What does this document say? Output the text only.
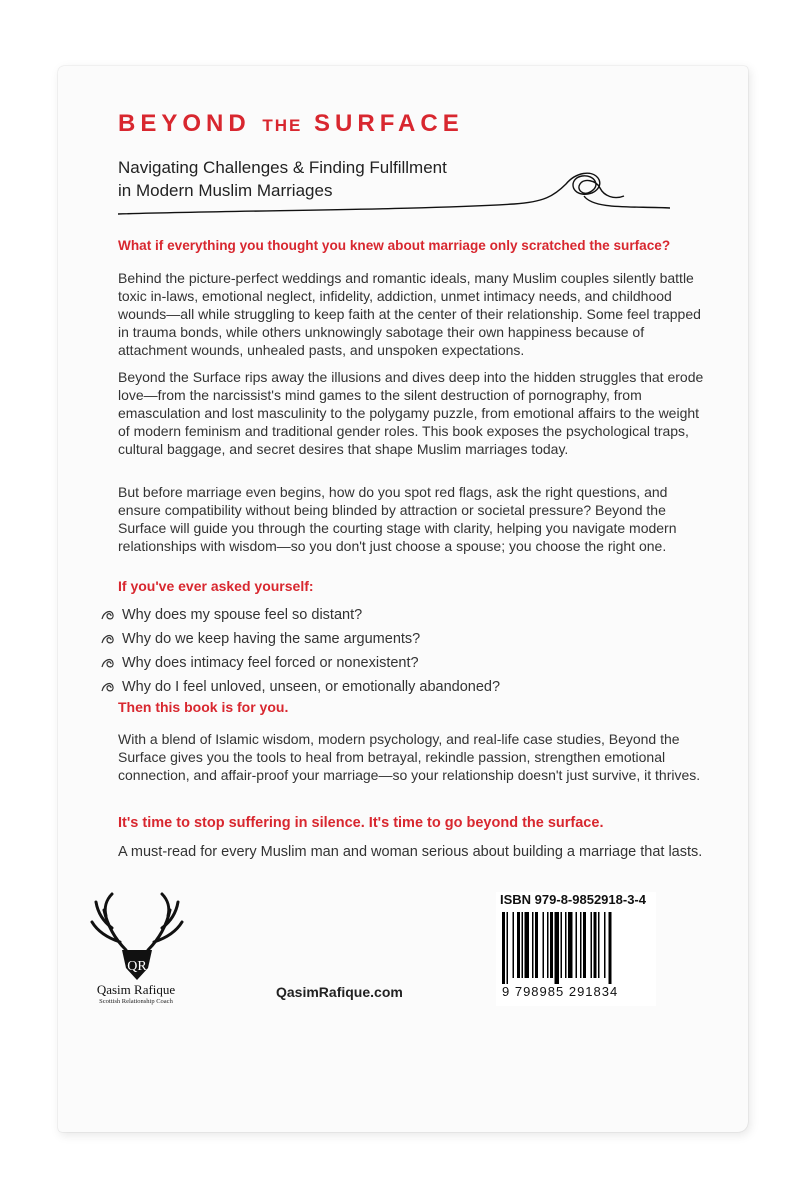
BEYOND THE SURFACE
Navigating Challenges & Finding Fulfillment
in Modern Muslim Marriages
What if everything you thought you knew about marriage only scratched the surface?
Behind the picture-perfect weddings and romantic ideals, many Muslim couples silently battle toxic in-laws, emotional neglect, infidelity, addiction, unmet intimacy needs, and childhood wounds—all while struggling to keep faith at the center of their relationship. Some feel trapped in trauma bonds, while others unknowingly sabotage their own happiness because of attachment wounds, unhealed pasts, and unspoken expectations.
Beyond the Surface rips away the illusions and dives deep into the hidden struggles that erode love—from the narcissist's mind games to the silent destruction of pornography, from emasculation and lost masculinity to the polygamy puzzle, from emotional affairs to the weight of modern feminism and traditional gender roles. This book exposes the psychological traps, cultural baggage, and secret desires that shape Muslim marriages today.
But before marriage even begins, how do you spot red flags, ask the right questions, and ensure compatibility without being blinded by attraction or societal pressure? Beyond the Surface will guide you through the courting stage with clarity, helping you navigate modern relationships with wisdom—so you don't just choose a spouse; you choose the right one.
If you've ever asked yourself:
Why does my spouse feel so distant?
Why do we keep having the same arguments?
Why does intimacy feel forced or nonexistent?
Why do I feel unloved, unseen, or emotionally abandoned?
Then this book is for you.
With a blend of Islamic wisdom, modern psychology, and real-life case studies, Beyond the Surface gives you the tools to heal from betrayal, rekindle passion, strengthen emotional connection, and affair-proof your marriage—so your relationship doesn't just survive, it thrives.
It's time to stop suffering in silence. It's time to go beyond the surface.
A must-read for every Muslim man and woman serious about building a marriage that lasts.
QR
Qasim Rafique
Scottish Relationship Coach
QasimRafique.com
ISBN 979-8-9852918-3-4
9 798985 291834
